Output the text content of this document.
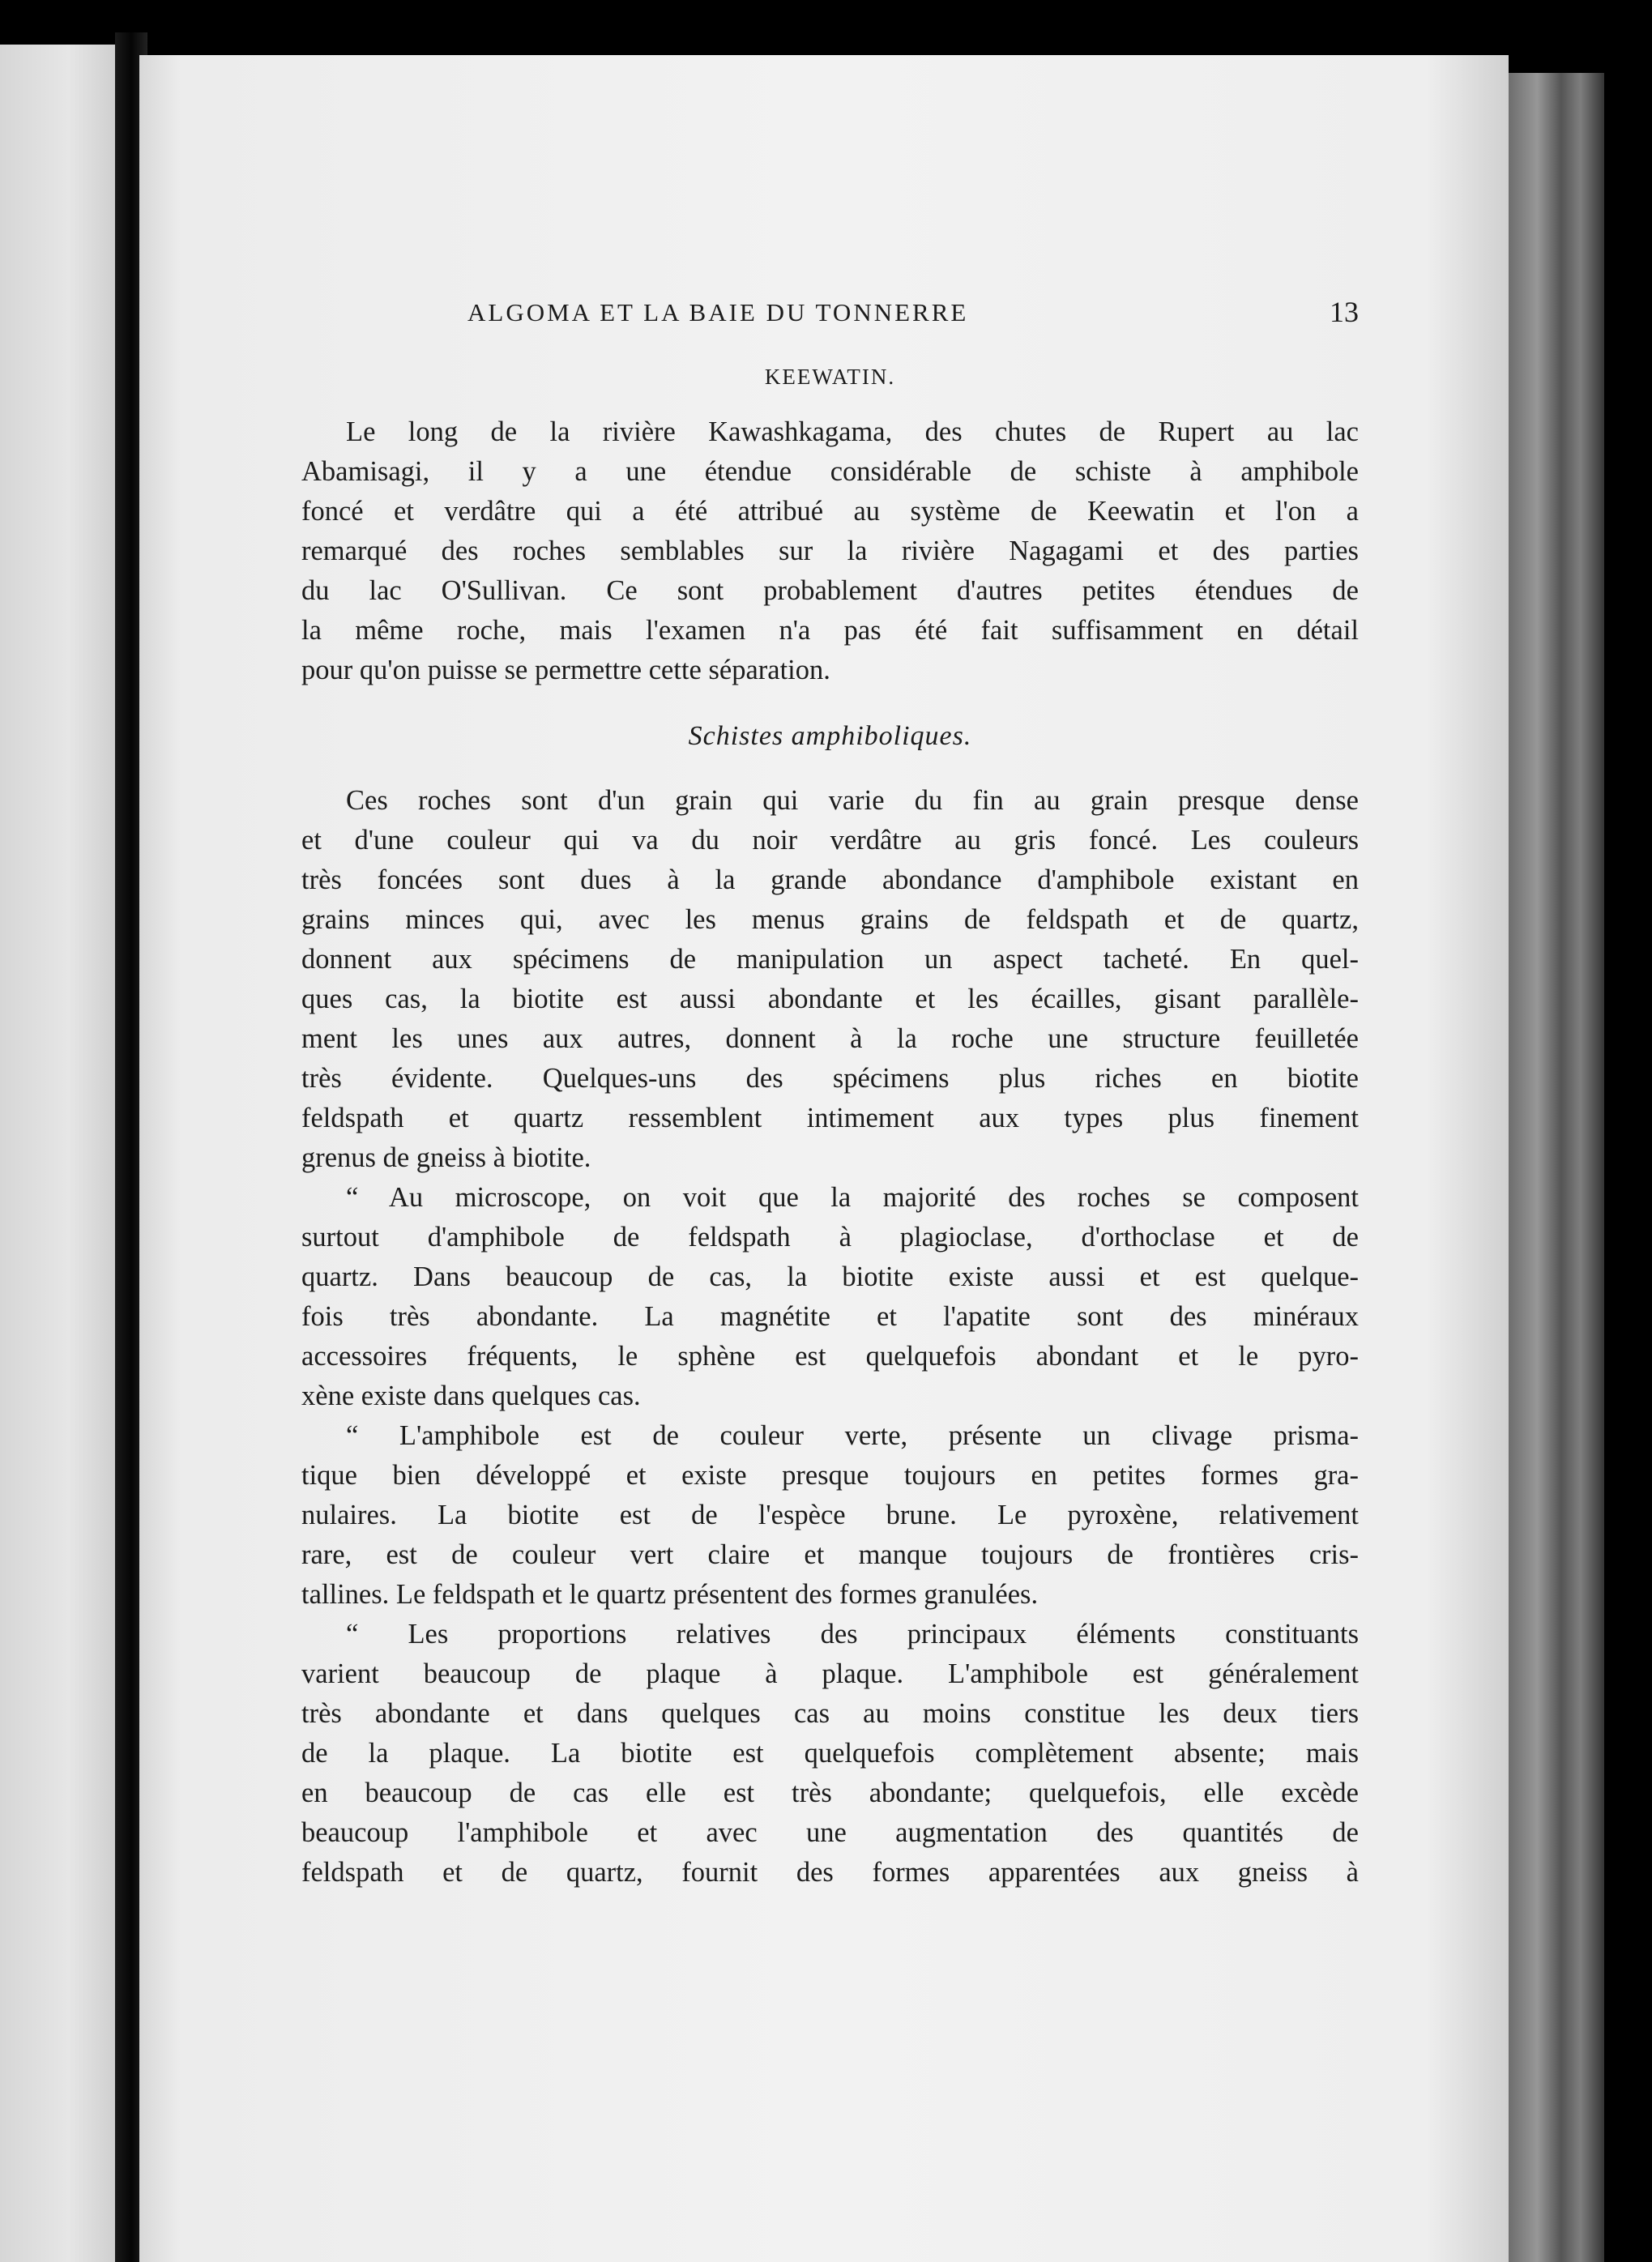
ALGOMA ET LA BAIE DU TONNERRE	13
KEEWATIN.

Le long de la rivière Kawashkagama, des chutes de Rupert au lac
Abamisagi, il y a une étendue considérable de schiste à amphibole
foncé et verdâtre qui a été attribué au système de Keewatin et l'on a
remarqué des roches semblables sur la rivière Nagagami et des parties
du lac O'Sullivan. Ce sont probablement d'autres petites étendues de
la même roche, mais l'examen n'a pas été fait suffisamment en détail
pour qu'on puisse se permettre cette séparation.

Schistes amphiboliques.

Ces roches sont d'un grain qui varie du fin au grain presque dense
et d'une couleur qui va du noir verdâtre au gris foncé. Les couleurs
très foncées sont dues à la grande abondance d'amphibole existant en
grains minces qui, avec les menus grains de feldspath et de quartz,
donnent aux spécimens de manipulation un aspect tacheté. En quel-
ques cas, la biotite est aussi abondante et les écailles, gisant parallèle-
ment les unes aux autres, donnent à la roche une structure feuilletée
très évidente. Quelques-uns des spécimens plus riches en biotite
feldspath et quartz ressemblent intimement aux types plus finement
grenus de gneiss à biotite.

“ Au microscope, on voit que la majorité des roches se composent
surtout d'amphibole de feldspath à plagioclase, d'orthoclase et de
quartz. Dans beaucoup de cas, la biotite existe aussi et est quelque-
fois très abondante. La magnétite et l'apatite sont des minéraux
accessoires fréquents, le sphène est quelquefois abondant et le pyro-
xène existe dans quelques cas.

“ L'amphibole est de couleur verte, présente un clivage prisma-
tique bien développé et existe presque toujours en petites formes gra-
nulaires. La biotite est de l'espèce brune. Le pyroxène, relativement
rare, est de couleur vert claire et manque toujours de frontières cris-
tallines. Le feldspath et le quartz présentent des formes granulées.

“ Les proportions relatives des principaux éléments constituants
varient beaucoup de plaque à plaque. L'amphibole est généralement
très abondante et dans quelques cas au moins constitue les deux tiers
de la plaque. La biotite est quelquefois complètement absente; mais
en beaucoup de cas elle est très abondante; quelquefois, elle excède
beaucoup l'amphibole et avec une augmentation des quantités de
feldspath et de quartz, fournit des formes apparentées aux gneiss à
